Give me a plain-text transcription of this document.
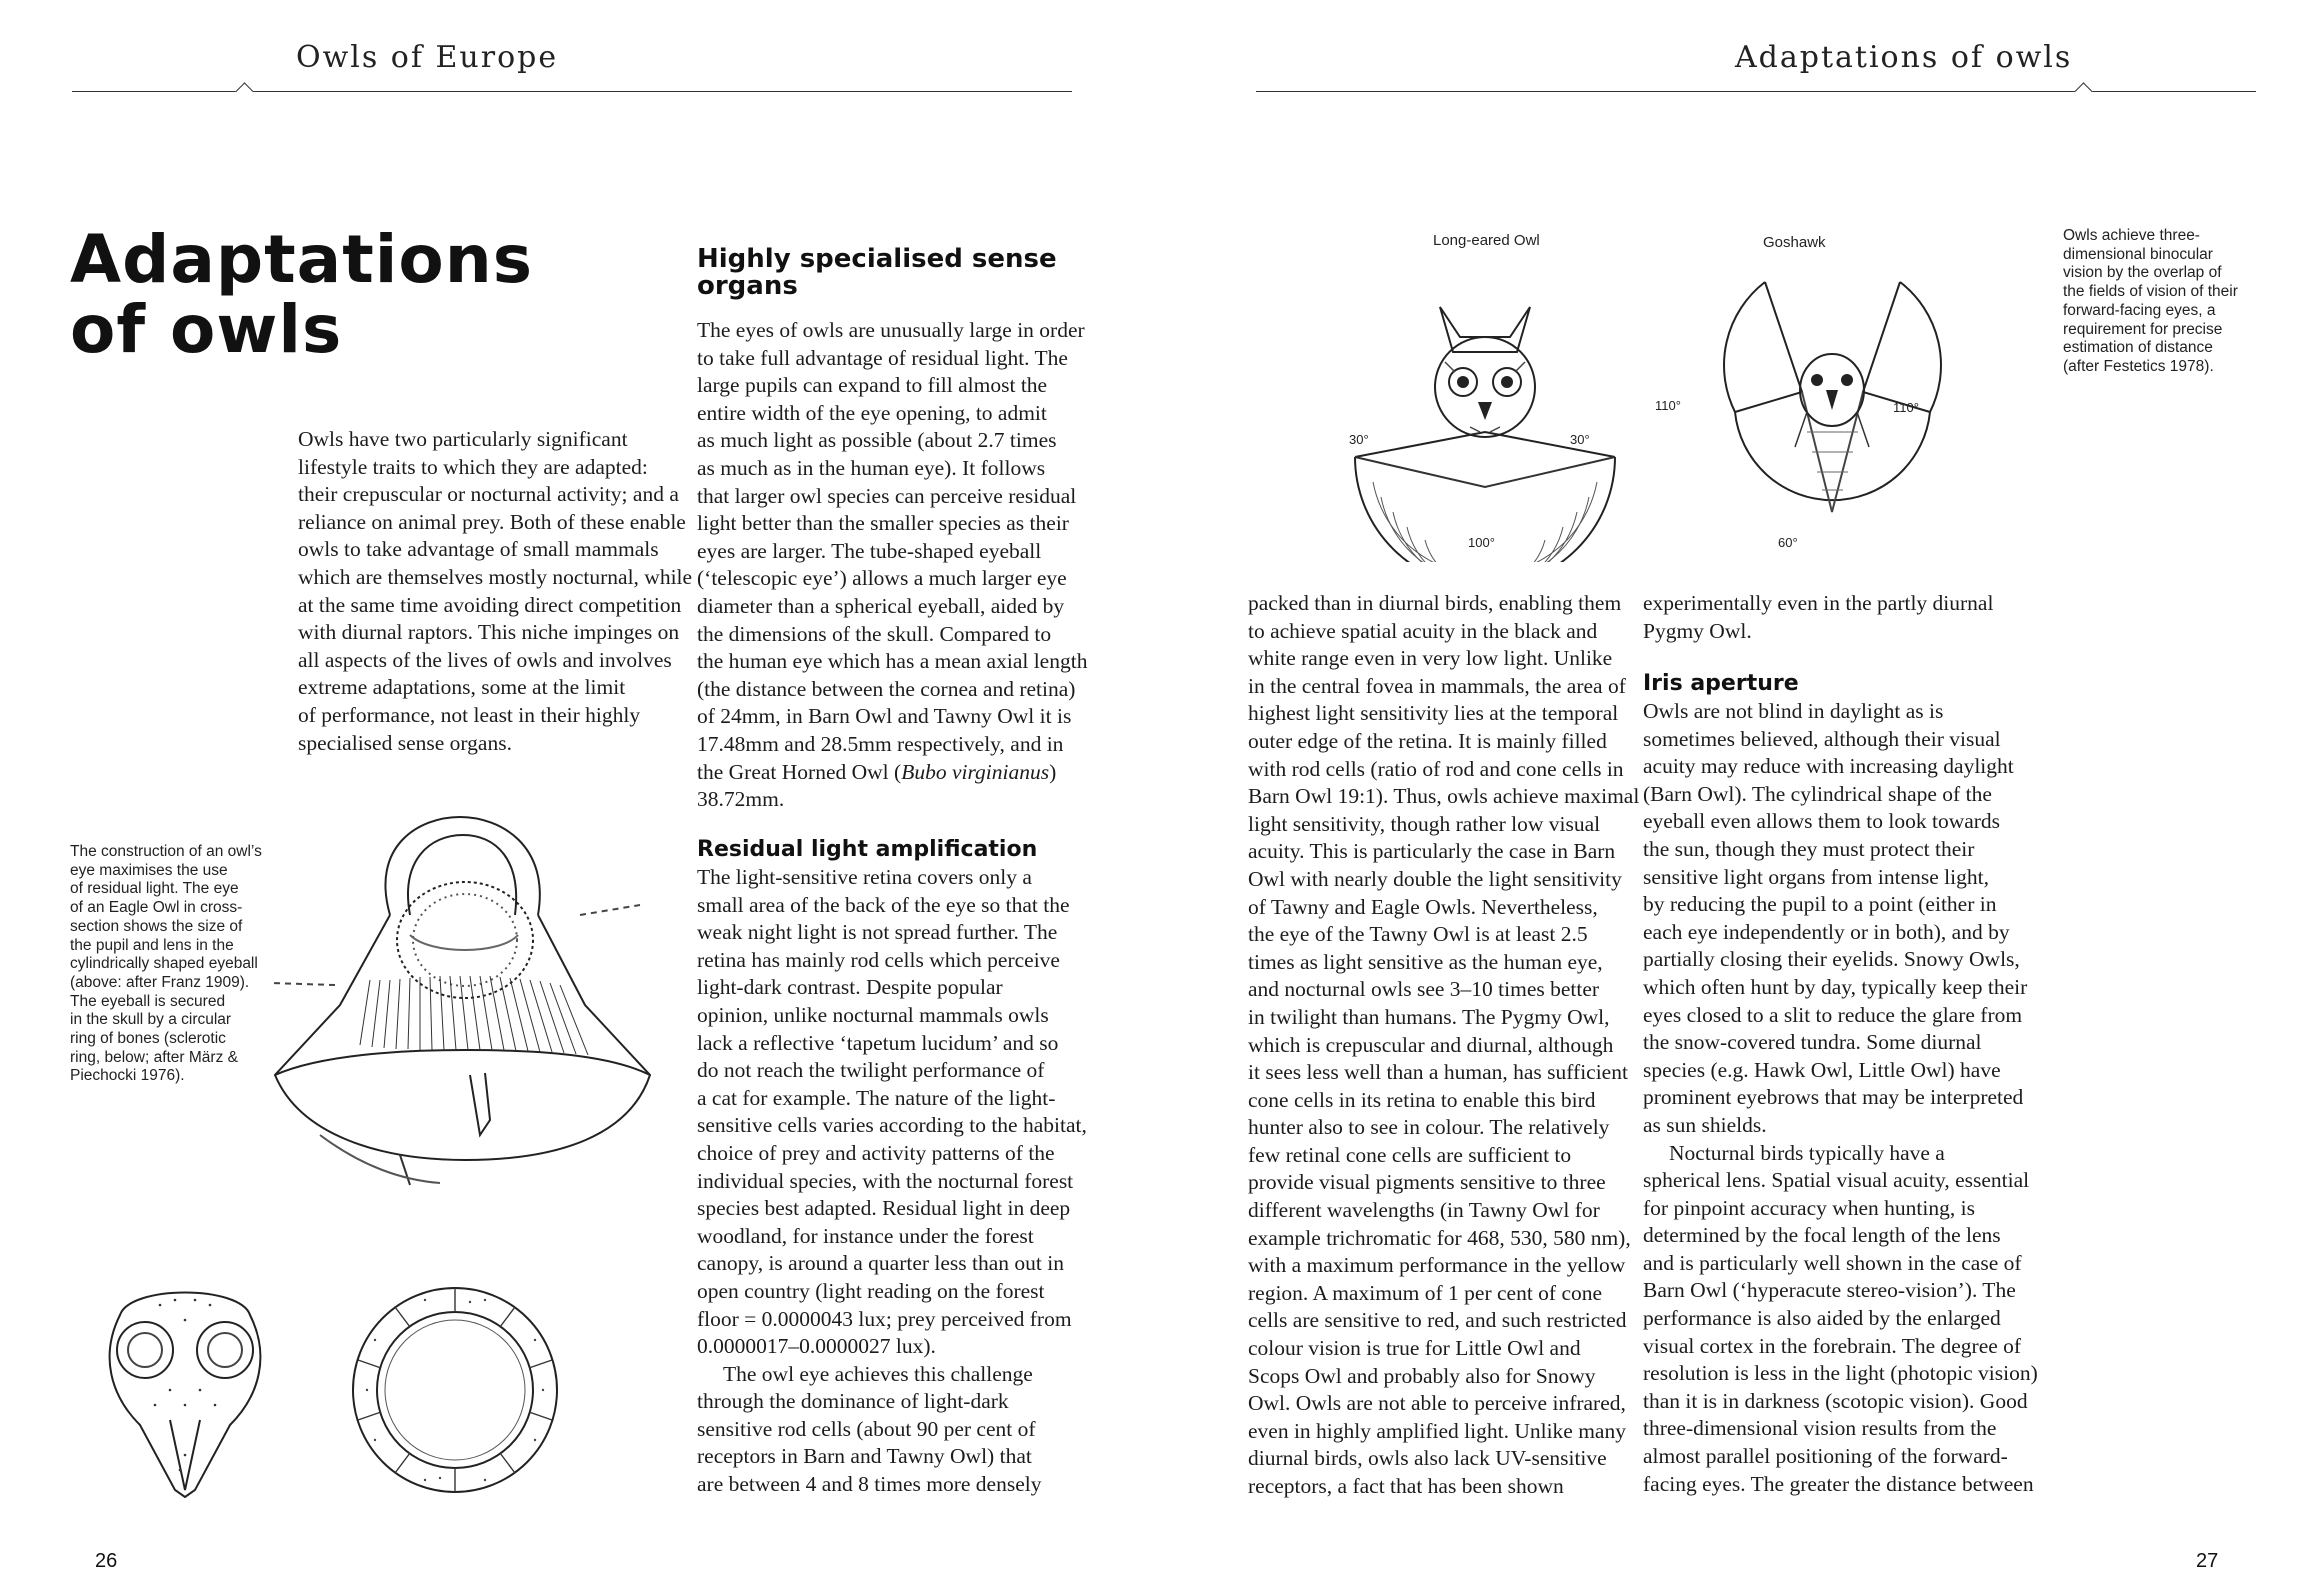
Owls of Europe
Adaptations
of owls
Owls have two particularly significant
lifestyle traits to which they are adapted:
their crepuscular or nocturnal activity; and a
reliance on animal prey. Both of these enable
owls to take advantage of small mammals
which are themselves mostly nocturnal, while
at the same time avoiding direct competition
with diurnal raptors. This niche impinges on
all aspects of the lives of owls and involves
extreme adaptations, some at the limit
of performance, not least in their highly
specialised sense organs.
Highly specialised sense
organs
The eyes of owls are unusually large in order
to take full advantage of residual light. The
large pupils can expand to fill almost the
entire width of the eye opening, to admit
as much light as possible (about 2.7 times
as much as in the human eye). It follows
that larger owl species can perceive residual
light better than the smaller species as their
eyes are larger. The tube-shaped eyeball
(‘telescopic eye’) allows a much larger eye
diameter than a spherical eyeball, aided by
the dimensions of the skull. Compared to
the human eye which has a mean axial length
(the distance between the cornea and retina)
of 24mm, in Barn Owl and Tawny Owl it is
17.48mm and 28.5mm respectively, and in
the Great Horned Owl (Bubo virginianus)
38.72mm.
Residual light amplification
The light-sensitive retina covers only a
small area of the back of the eye so that the
weak night light is not spread further. The
retina has mainly rod cells which perceive
light-dark contrast. Despite popular
opinion, unlike nocturnal mammals owls
lack a reflective ‘tapetum lucidum’ and so
do not reach the twilight performance of
a cat for example. The nature of the light-
sensitive cells varies according to the habitat,
choice of prey and activity patterns of the
individual species, with the nocturnal forest
species best adapted. Residual light in deep
woodland, for instance under the forest
canopy, is around a quarter less than out in
open country (light reading on the forest
floor = 0.0000043 lux; prey perceived from
0.0000017–0.0000027 lux).
The owl eye achieves this challenge
through the dominance of light-dark
sensitive rod cells (about 90 per cent of
receptors in Barn and Tawny Owl) that
are between 4 and 8 times more densely
The construction of an owl’s
eye maximises the use
of residual light. The eye
of an Eagle Owl in cross-
section shows the size of
the pupil and lens in the
cylindrically shaped eyeball
(above: after Franz 1909).
The eyeball is secured
in the skull by a circular
ring of bones (sclerotic
ring, below; after März &
Piechocki 1976).
26
Adaptations of owls
Long-eared Owl	Goshawk
30°	30°
100°
110°	110°
60°
Owls achieve three-
dimensional binocular
vision by the overlap of
the fields of vision of their
forward-facing eyes, a
requirement for precise
estimation of distance
(after Festetics 1978).
packed than in diurnal birds, enabling them
to achieve spatial acuity in the black and
white range even in very low light. Unlike
in the central fovea in mammals, the area of
highest light sensitivity lies at the temporal
outer edge of the retina. It is mainly filled
with rod cells (ratio of rod and cone cells in
Barn Owl 19:1). Thus, owls achieve maximal
light sensitivity, though rather low visual
acuity. This is particularly the case in Barn
Owl with nearly double the light sensitivity
of Tawny and Eagle Owls. Nevertheless,
the eye of the Tawny Owl is at least 2.5
times as light sensitive as the human eye,
and nocturnal owls see 3–10 times better
in twilight than humans. The Pygmy Owl,
which is crepuscular and diurnal, although
it sees less well than a human, has sufficient
cone cells in its retina to enable this bird
hunter also to see in colour. The relatively
few retinal cone cells are sufficient to
provide visual pigments sensitive to three
different wavelengths (in Tawny Owl for
example trichromatic for 468, 530, 580 nm),
with a maximum performance in the yellow
region. A maximum of 1 per cent of cone
cells are sensitive to red, and such restricted
colour vision is true for Little Owl and
Scops Owl and probably also for Snowy
Owl. Owls are not able to perceive infrared,
even in highly amplified light. Unlike many
diurnal birds, owls also lack UV-sensitive
receptors, a fact that has been shown
experimentally even in the partly diurnal
Pygmy Owl.
Iris aperture
Owls are not blind in daylight as is
sometimes believed, although their visual
acuity may reduce with increasing daylight
(Barn Owl). The cylindrical shape of the
eyeball even allows them to look towards
the sun, though they must protect their
sensitive light organs from intense light,
by reducing the pupil to a point (either in
each eye independently or in both), and by
partially closing their eyelids. Snowy Owls,
which often hunt by day, typically keep their
eyes closed to a slit to reduce the glare from
the snow-covered tundra. Some diurnal
species (e.g. Hawk Owl, Little Owl) have
prominent eyebrows that may be interpreted
as sun shields.
Nocturnal birds typically have a
spherical lens. Spatial visual acuity, essential
for pinpoint accuracy when hunting, is
determined by the focal length of the lens
and is particularly well shown in the case of
Barn Owl (‘hyperacute stereo-vision’). The
performance is also aided by the enlarged
visual cortex in the forebrain. The degree of
resolution is less in the light (photopic vision)
than it is in darkness (scotopic vision). Good
three-dimensional vision results from the
almost parallel positioning of the forward-
facing eyes. The greater the distance between
27
